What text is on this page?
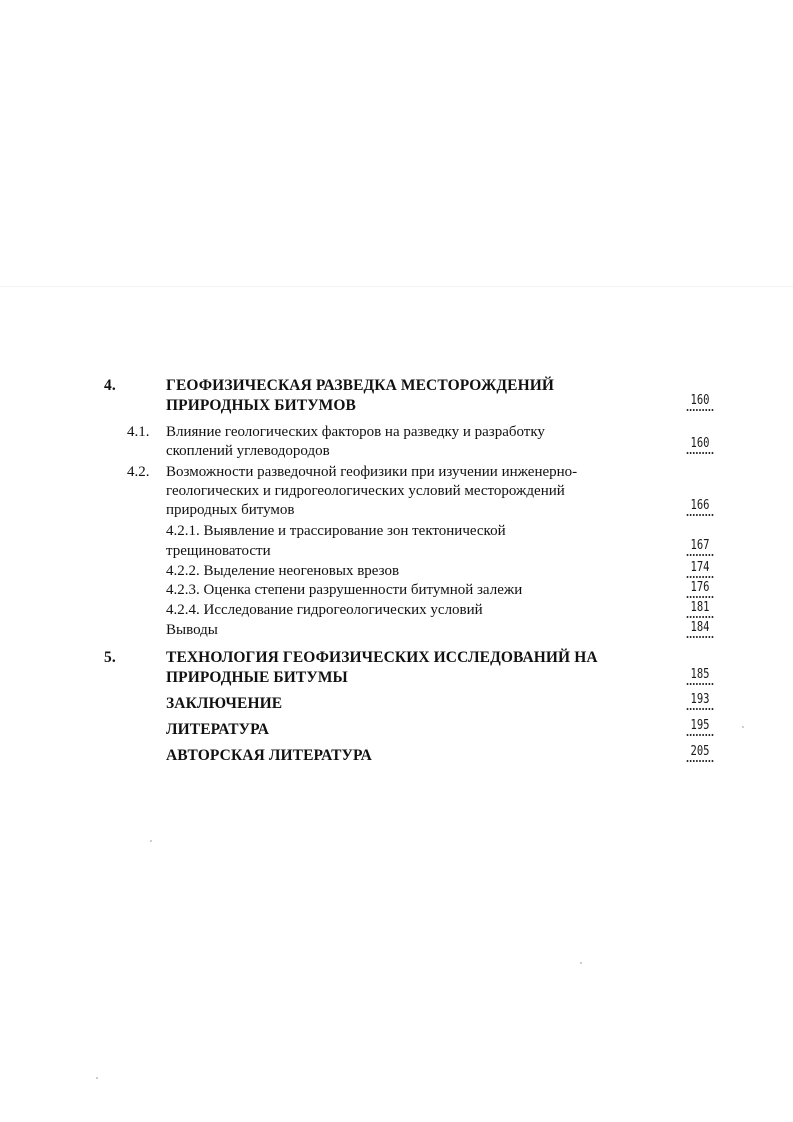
4.	ГЕОФИЗИЧЕСКАЯ РАЗВЕДКА МЕСТОРОЖДЕНИЙ
ПРИРОДНЫХ БИТУМОВ	160
4.1. Влияние геологических факторов на разведку и разработку
скоплений углеводородов	160
4.2. Возможности разведочной геофизики при изучении инженерно-
геологических и гидрогеологических условий месторождений
природных битумов	166
4.2.1. Выявление и трассирование зон тектонической
трещиноватости	167
4.2.2. Выделение неогеновых врезов	174
4.2.3. Оценка степени разрушенности битумной залежи	176
4.2.4. Исследование гидрогеологических условий	181
Выводы	184
5.	ТЕХНОЛОГИЯ ГЕОФИЗИЧЕСКИХ ИССЛЕДОВАНИЙ НА
ПРИРОДНЫЕ БИТУМЫ	185
ЗАКЛЮЧЕНИЕ	193
ЛИТЕРАТУРА	195
АВТОРСКАЯ ЛИТЕРАТУРА	205
